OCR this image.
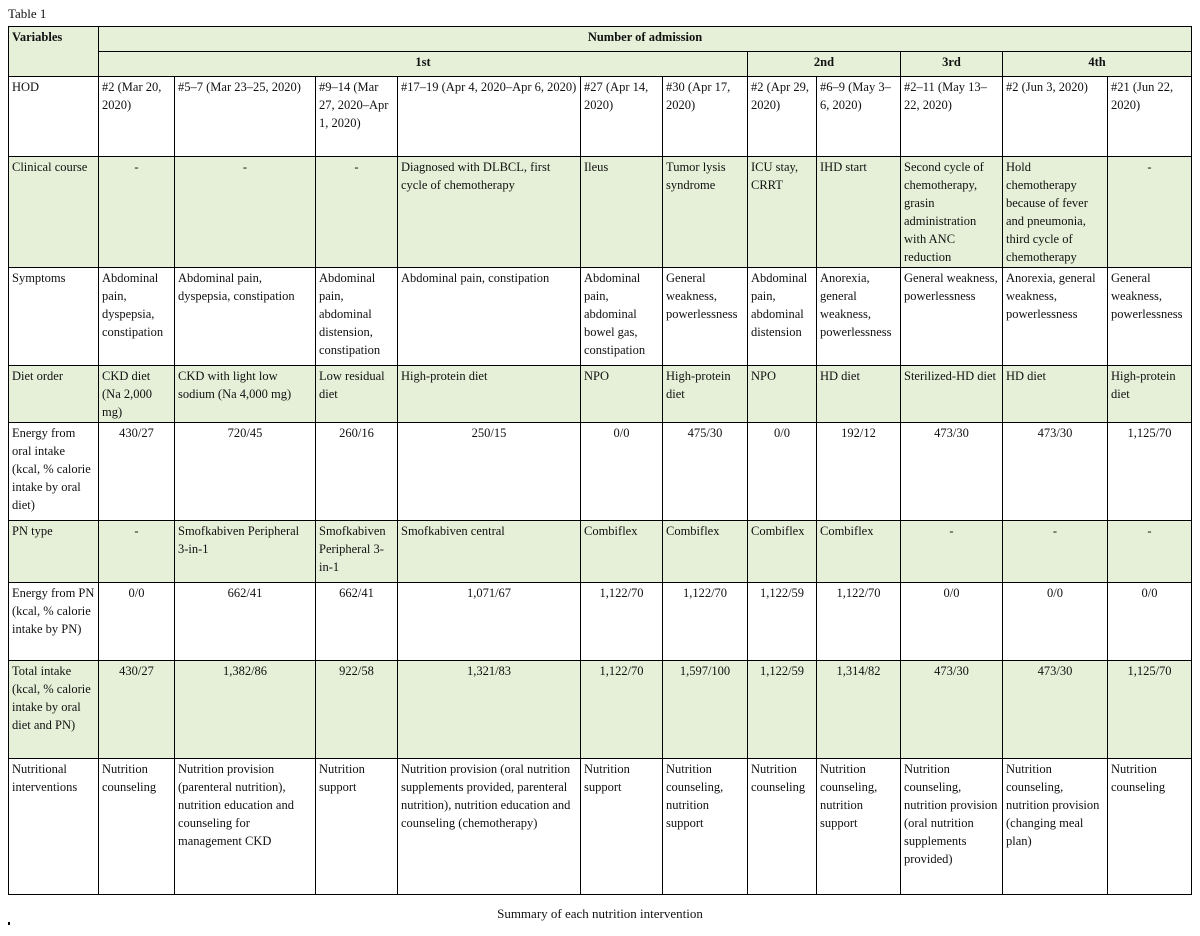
Table 1
Variables	Number of admission										
	1st						2nd		3rd	4th	
HOD	#2 (Mar 20, 2020)	#5–7 (Mar 23–25, 2020)	#9–14 (Mar 27, 2020–Apr 1, 2020)	#17–19 (Apr 4, 2020–Apr 6, 2020)	#27 (Apr 14, 2020)	#30 (Apr 17, 2020)	#2 (Apr 29, 2020)	#6–9 (May 3–6, 2020)	#2–11 (May 13–22, 2020)	#2 (Jun 3, 2020)	#21 (Jun 22, 2020)
Clinical course	-	-	-	Diagnosed with DLBCL, first cycle of chemotherapy	Ileus	Tumor lysis syndrome	ICU stay, CRRT	IHD start	Second cycle of chemotherapy, grasin administration with ANC reduction	Hold chemotherapy because of fever and pneumonia, third cycle of chemotherapy	-
Symptoms	Abdominal pain, dyspepsia, constipation	Abdominal pain, dyspepsia, constipation	Abdominal pain, abdominal distension, constipation	Abdominal pain, constipation	Abdominal pain, abdominal bowel gas, constipation	General weakness, powerlessness	Abdominal pain, abdominal distension	Anorexia, general weakness, powerlessness	General weakness, powerlessness	Anorexia, general weakness, powerlessness	General weakness, powerlessness
Diet order	CKD diet (Na 2,000 mg)	CKD with light low sodium (Na 4,000 mg)	Low residual diet	High-protein diet	NPO	High-protein diet	NPO	HD diet	Sterilized-HD diet	HD diet	High-protein diet
Energy from oral intake (kcal, % calorie intake by oral diet)	430/27	720/45	260/16	250/15	0/0	475/30	0/0	192/12	473/30	473/30	1,125/70
PN type	-	Smofkabiven Peripheral 3-in-1	Smofkabiven Peripheral 3-in-1	Smofkabiven central	Combiflex	Combiflex	Combiflex	Combiflex	-	-	-
Energy from PN (kcal, % calorie intake by PN)	0/0	662/41	662/41	1,071/67	1,122/70	1,122/70	1,122/59	1,122/70	0/0	0/0	0/0
Total intake (kcal, % calorie intake by oral diet and PN)	430/27	1,382/86	922/58	1,321/83	1,122/70	1,597/100	1,122/59	1,314/82	473/30	473/30	1,125/70
Nutritional interventions	Nutrition counseling	Nutrition provision (parenteral nutrition), nutrition education and counseling for management CKD	Nutrition support	Nutrition provision (oral nutrition supplements provided, parenteral nutrition), nutrition education and counseling (chemotherapy)	Nutrition support	Nutrition counseling, nutrition support	Nutrition counseling	Nutrition counseling, nutrition support	Nutrition counseling, nutrition provision (oral nutrition supplements provided)	Nutrition counseling, nutrition provision (changing meal plan)	Nutrition counseling
Summary of each nutrition intervention
